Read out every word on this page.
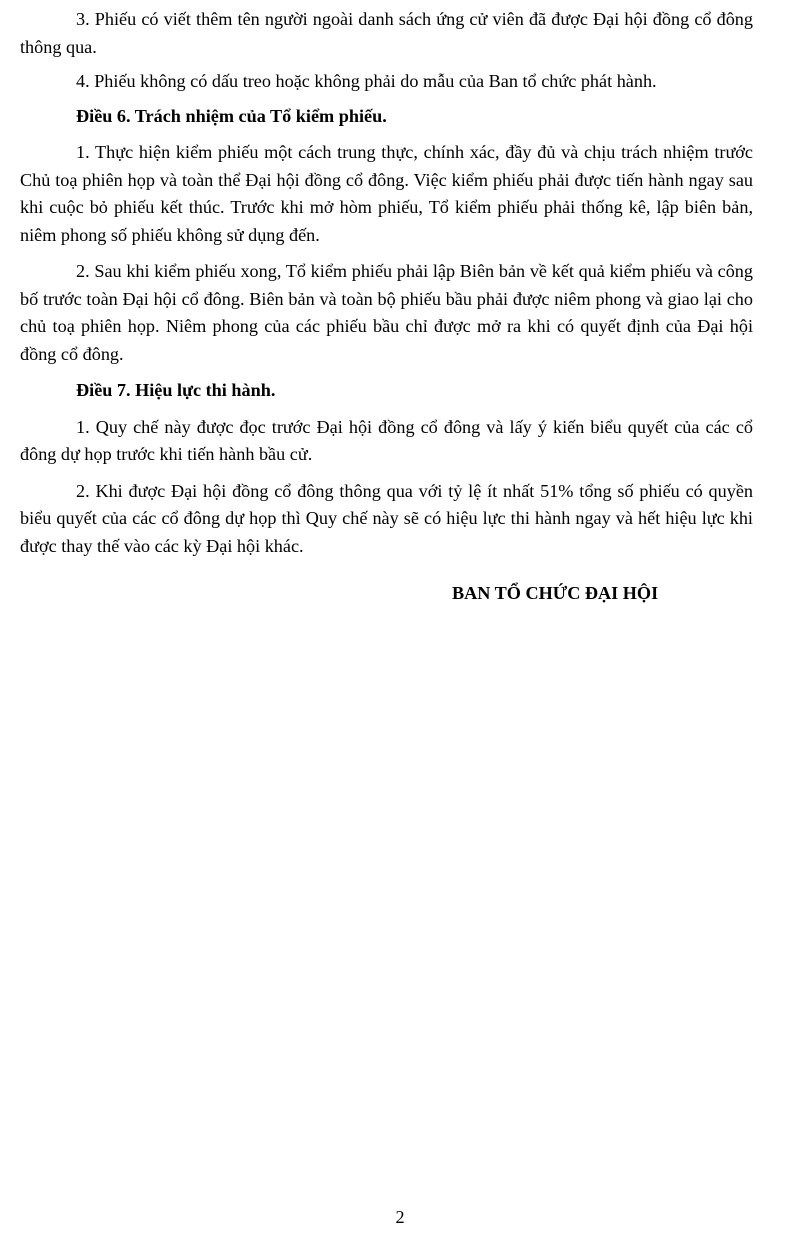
3. Phiếu có viết thêm tên người ngoài danh sách ứng cử viên đã được Đại hội đồng cổ đông thông qua.

4. Phiếu không có dấu treo hoặc không phải do mẫu của Ban tổ chức phát hành.

Điều 6. Trách nhiệm của Tổ kiểm phiếu.

1. Thực hiện kiểm phiếu một cách trung thực, chính xác, đầy đủ và chịu trách nhiệm trước Chủ toạ phiên họp và toàn thể Đại hội đồng cổ đông. Việc kiểm phiếu phải được tiến hành ngay sau khi cuộc bỏ phiếu kết thúc. Trước khi mở hòm phiếu, Tổ kiểm phiếu phải thống kê, lập biên bản, niêm phong số phiếu không sử dụng đến.

2. Sau khi kiểm phiếu xong, Tổ kiểm phiếu phải lập Biên bản về kết quả kiểm phiếu và công bố trước toàn Đại hội cổ đông. Biên bản và toàn bộ phiếu bầu phải được niêm phong và giao lại cho chủ toạ phiên họp. Niêm phong của các phiếu bầu chỉ được mở ra khi có quyết định của Đại hội đồng cổ đông.

Điều 7. Hiệu lực thi hành.

1. Quy chế này được đọc trước Đại hội đồng cổ đông và lấy ý kiến biểu quyết của các cổ đông dự họp trước khi tiến hành bầu cử.

2. Khi được Đại hội đồng cổ đông thông qua với tỷ lệ ít nhất 51% tổng số phiếu có quyền biểu quyết của các cổ đông dự họp thì Quy chế này sẽ có hiệu lực thi hành ngay và hết hiệu lực khi được thay thế vào các kỳ Đại hội khác.

BAN TỔ CHỨC ĐẠI HỘI
2
